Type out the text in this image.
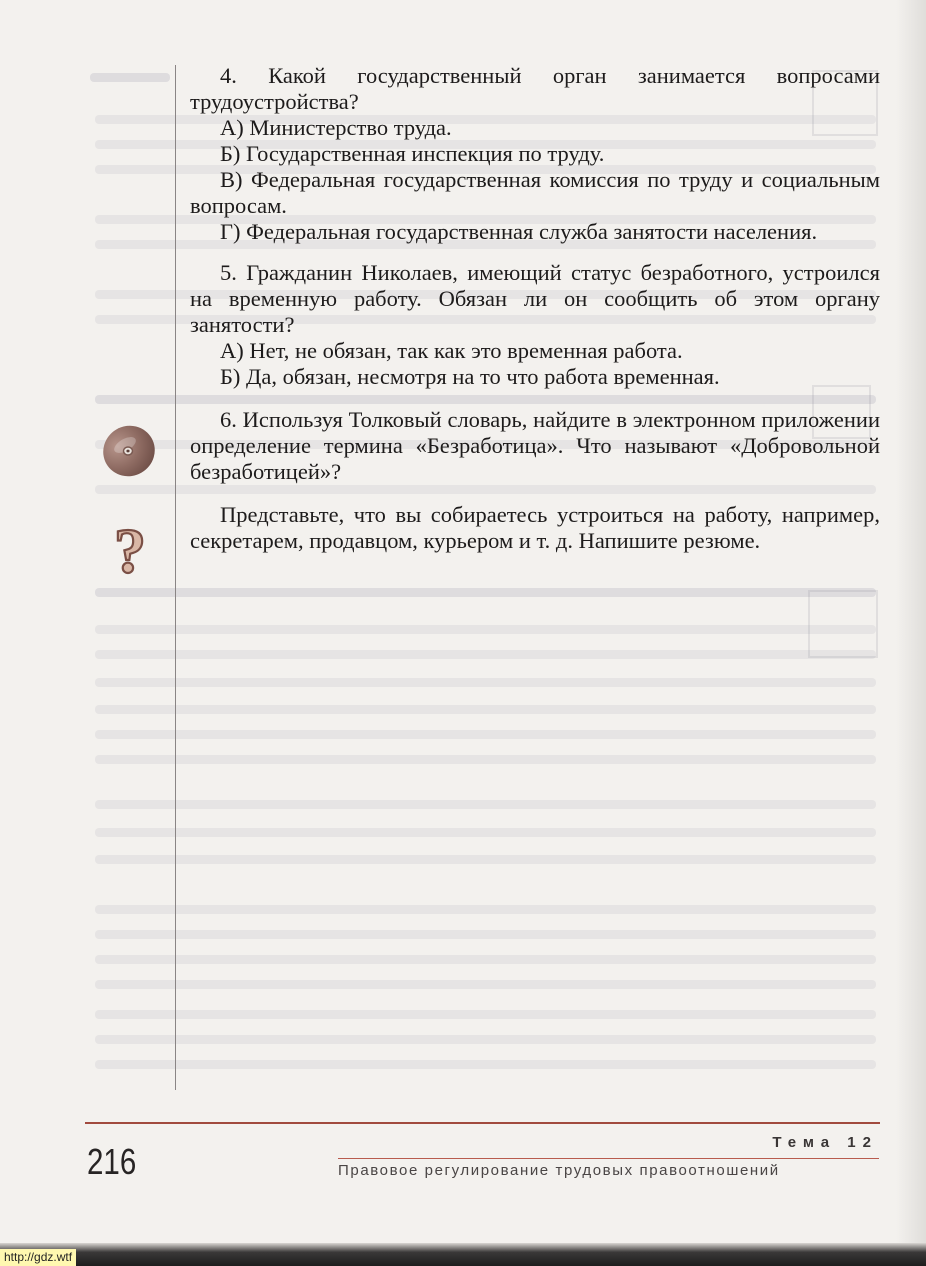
?

4. Какой государственный орган занимается вопросами трудоустройства?

А) Министерство труда.

Б) Государственная инспекция по труду.

В) Федеральная государственная комиссия по труду и социальным вопросам.

Г) Федеральная государственная служба занятости населения.

5. Гражданин Николаев, имеющий статус безработного, устроился на временную работу. Обязан ли он сообщить об этом органу занятости?

А) Нет, не обязан, так как это временная работа.

Б) Да, обязан, несмотря на то что работа временная.

6. Используя Толковый словарь, найдите в электронном приложении определение термина «Безработица». Что называют «Добровольной безработицей»?

Представьте, что вы собираетесь устроиться на работу, например, секретарем, продавцом, курьером и т. д. Напишите резюме.

216	Тема 12
Правовое регулирование трудовых правоотношений
http://gdz.wtf
